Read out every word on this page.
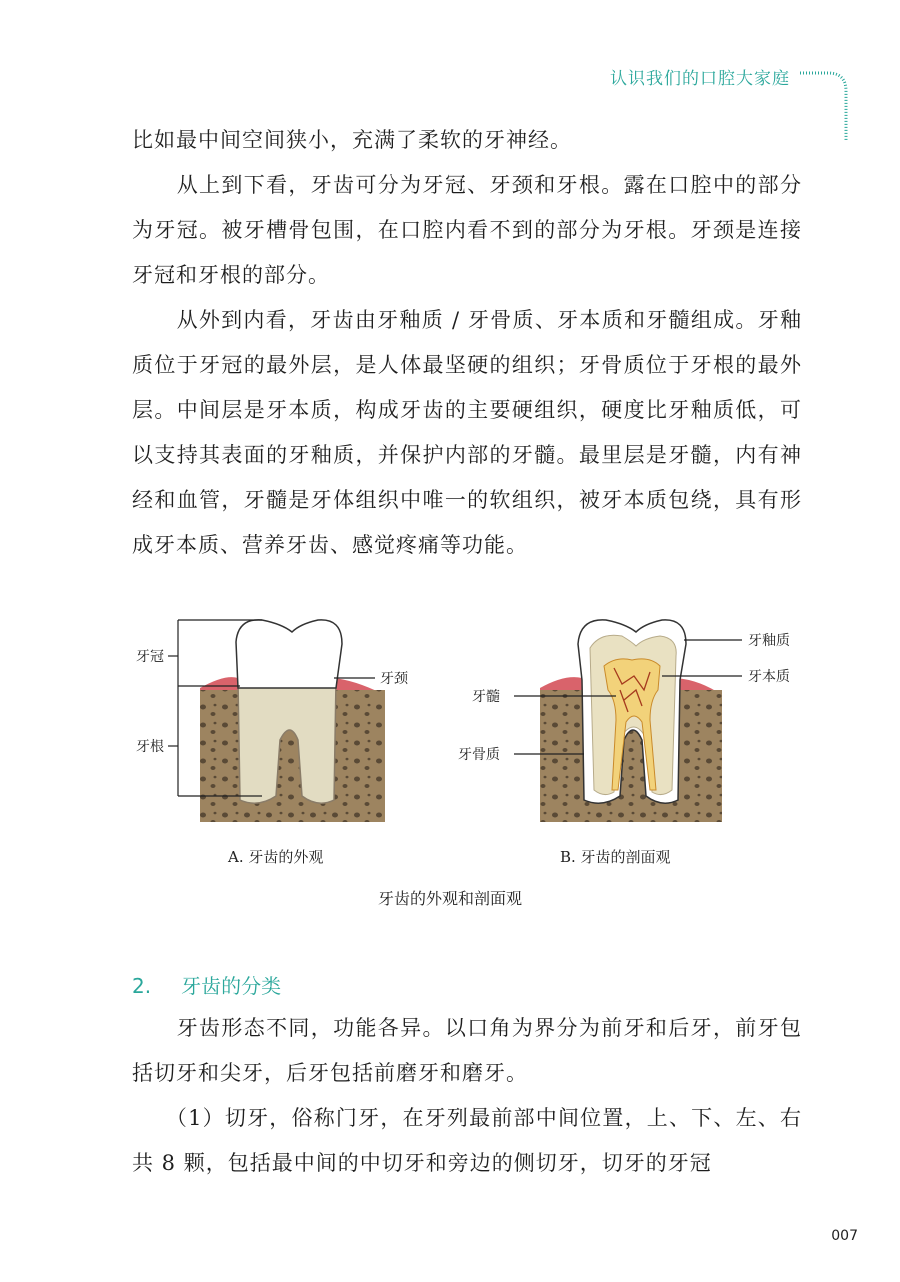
认识我们的口腔大家庭

比如最中间空间狭小，充满了柔软的牙神经。

　　从上到下看，牙齿可分为牙冠、牙颈和牙根。露在口腔中的部分为牙冠。被牙槽骨包围，在口腔内看不到的部分为牙根。牙颈是连接牙冠和牙根的部分。

　　从外到内看，牙齿由牙釉质 / 牙骨质、牙本质和牙髓组成。牙釉质位于牙冠的最外层，是人体最坚硬的组织；牙骨质位于牙根的最外层。中间层是牙本质，构成牙齿的主要硬组织，硬度比牙釉质低，可以支持其表面的牙釉质，并保护内部的牙髓。最里层是牙髓，内有神经和血管，牙髓是牙体组织中唯一的软组织，被牙本质包绕，具有形成牙本质、营养牙齿、感觉疼痛等功能。

牙冠
牙根
牙颈
牙釉质
牙本质
牙髓
牙骨质
A. 牙齿的外观	B. 牙齿的剖面观
牙齿的外观和剖面观
2. 牙齿的分类

　　牙齿形态不同，功能各异。以口角为界分为前牙和后牙，前牙包括切牙和尖牙，后牙包括前磨牙和磨牙。

　　（1）切牙，俗称门牙，在牙列最前部中间位置，上、下、左、右共 8 颗，包括最中间的中切牙和旁边的侧切牙，切牙的牙冠

007
